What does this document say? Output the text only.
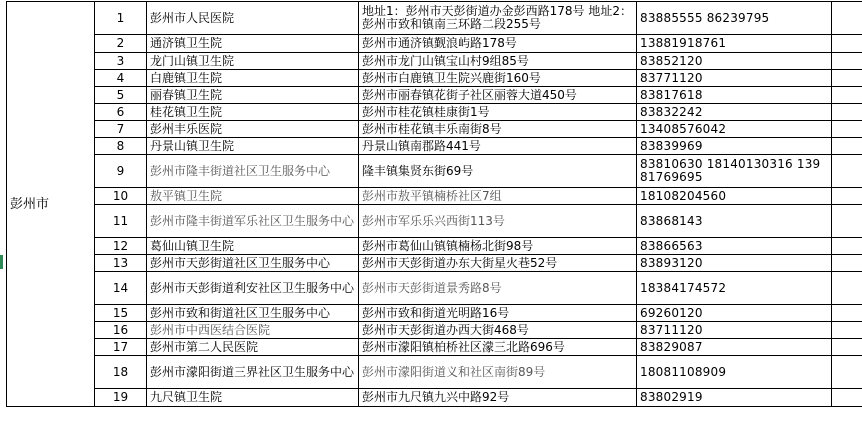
彭州市	1	彭州市人民医院	地址1：彭州市天彭街道办金彭西路178号 地址2：彭州市致和镇南三环路二段255号	83885555 86239795	
	2	通济镇卫生院	彭州市通济镇觐浪屿路178号	13881918761	
	3	龙门山镇卫生院	彭州市龙门山镇宝山村9组85号	83852120	
	4	白鹿镇卫生院	彭州市白鹿镇卫生院兴鹿街160号	83771120	
	5	丽春镇卫生院	彭州市丽春镇花街子社区丽蓉大道450号	83817618	
	6	桂花镇卫生院	彭州市桂花镇桂康街1号	83832242	
	7	彭州丰乐医院	彭州市桂花镇丰乐南街8号	13408576042	
	8	丹景山镇卫生院	丹景山镇南郡路441号	83839969	
	9	彭州市隆丰街道社区卫生服务中心	隆丰镇集贤东街69号	83810630 18140130316 13981769695	
	10	敖平镇卫生院	彭州市敖平镇楠桥社区7组	18108204560	
	11	彭州市隆丰街道军乐社区卫生服务中心	彭州市军乐乐兴西街113号	83868143	
	12	葛仙山镇卫生院	彭州市葛仙山镇镇楠杨北街98号	83866563	
	13	彭州市天彭街道社区卫生服务中心	彭州市天彭街道办东大街星火巷52号	83893120	
	14	彭州市天彭街道利安社区卫生服务中心	彭州市天彭街道景秀路8号	18384174572	
	15	彭州市致和街道社区卫生服务中心	彭州市致和街道光明路16号	69260120	
	16	彭州市中西医结合医院	彭州市天彭街道办西大街468号	83711120	
	17	彭州市第二人民医院	彭州市濛阳镇柏桥社区濛三北路696号	83829087	
	18	彭州市濛阳街道三界社区卫生服务中心	彭州市濛阳街道义和社区南街89号	18081108909	
	19	九尺镇卫生院	彭州市九尺镇九兴中路92号	83802919	
